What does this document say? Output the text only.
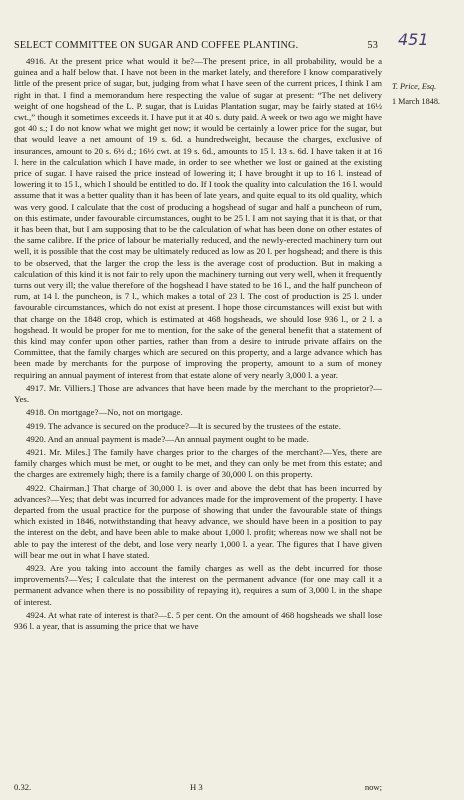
SELECT COMMITTEE ON SUGAR AND COFFEE PLANTING.	53 451
T. Price, Esq.
1 March 1848.

4916. At the present price what would it be?—The present price, in all probability, would be a guinea and a half below that. I have not been in the market lately, and therefore I know comparatively little of the present price of sugar, but, judging from what I have seen of the current prices, I think I am right in that. I find a memorandum here respecting the value of sugar at present: “The net delivery weight of one hogshead of the L. P. sugar, that is Luidas Plantation sugar, may be fairly stated at 16½ cwt.,” though it sometimes exceeds it. I have put it at 40 s. duty paid. A week or two ago we might have got 40 s.; I do not know what we might get now; it would be certainly a lower price for the sugar, but that would leave a net amount of 19 s. 6d. a hundredweight, because the charges, exclusive of insurances, amount to 20 s. 6½ d.; 16½ cwt. at 19 s. 6d., amounts to 15 l. 13 s. 6d. I have taken it at 16 l. here in the calculation which I have made, in order to see whether we lost or gained at the existing price of sugar. I have raised the price instead of lowering it; I have brought it up to 16 l. instead of lowering it to 15 l., which I should be entitled to do. If I took the quality into calculation the 16 l. would assume that it was a better quality than it has been of late years, and quite equal to its old quality, which was very good. I calculate that the cost of producing a hogshead of sugar and half a puncheon of rum, on this estimate, under favourable circumstances, ought to be 25 l. I am not saying that it is that, or that it has been that, but I am supposing that to be the calculation of what has been done on other estates of the same calibre. If the price of labour be materially reduced, and the newly-erected machinery turn out well, it is possible that the cost may be ultimately reduced as low as 20 l. per hogshead; and there is this to be observed, that the larger the crop the less is the average cost of production. But in making a calculation of this kind it is not fair to rely upon the machinery turning out very well, when it frequently turns out very ill; the value therefore of the hogshead I have stated to be 16 l., and the half puncheon of rum, at 14 l. the puncheon, is 7 l., which makes a total of 23 l. The cost of production is 25 l. under favourable circumstances, which do not exist at present. I hope those circumstances will exist but with that charge on the 1848 crop, which is estimated at 468 hogsheads, we should lose 936 l., or 2 l. a hogshead. It would be proper for me to mention, for the sake of the general benefit that a statement of this kind may confer upon other parties, rather than from a desire to intrude private affairs on the Committee, that the family charges which are secured on this property, and a large advance which has been made by merchants for the purpose of improving the property, amount to a sum of money requiring an annual payment of interest from that estate alone of very nearly 3,000 l. a year.

4917. Mr. Villiers.] Those are advances that have been made by the merchant to the proprietor?—Yes.

4918. On mortgage?—No, not on mortgage.

4919. The advance is secured on the produce?—It is secured by the trustees of the estate.

4920. And an annual payment is made?—An annual payment ought to be made.

4921. Mr. Miles.] The family have charges prior to the charges of the merchant?—Yes, there are family charges which must be met, or ought to be met, and they can only be met from this estate; and the charges are extremely high; there is a family charge of 30,000 l. on this property.

4922. Chairman.] That charge of 30,000 l. is over and above the debt that has been incurred by advances?—Yes; that debt was incurred for advances made for the improvement of the property. I have departed from the usual practice for the purpose of showing that under the favourable state of things which existed in 1846, notwithstanding that heavy advance, we should have been in a position to pay the interest on the debt, and have been able to make about 1,000 l. profit; whereas now we shall not be able to pay the interest of the debt, and lose very nearly 1,000 l. a year. The figures that I have given will bear me out in what I have stated.

4923. Are you taking into account the family charges as well as the debt incurred for those improvements?—Yes; I calculate that the interest on the permanent advance (for one may call it a permanent advance when there is no possibility of repaying it), requires a sum of 3,000 l. in the shape of interest.

4924. At what rate of interest is that?—£. 5 per cent. On the amount of 468 hogsheads we shall lose 936 l. a year, that is assuming the price that we have

0.32.	H 3	now;
